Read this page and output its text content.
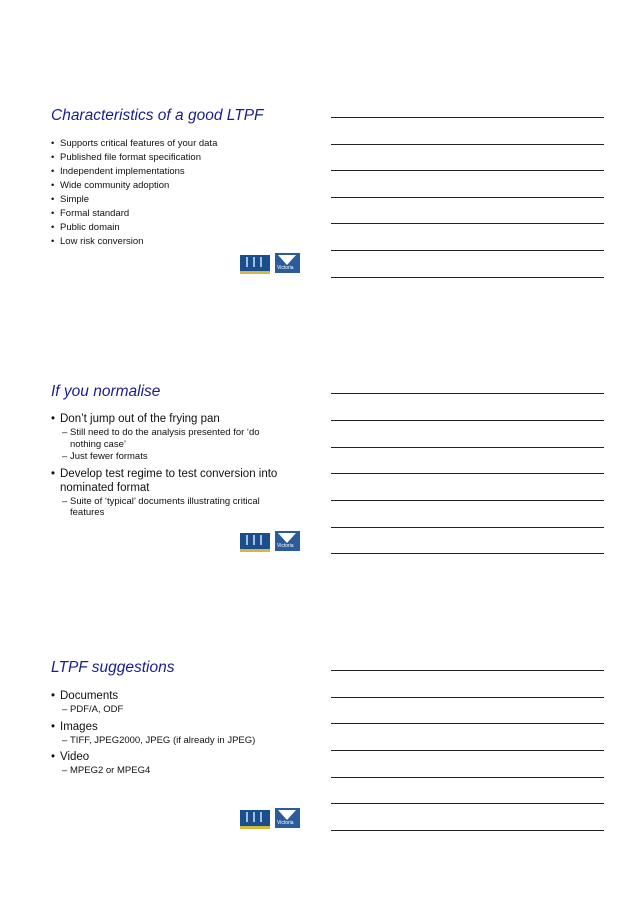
Characteristics of a good LTPF
• Supports critical features of your data
• Published file format specification
• Independent implementations
• Wide community adoption
• Simple
• Formal standard
• Public domain
• Low risk conversion
Victoria
If you normalise
• Don’t jump out of the frying pan
– Still need to do the analysis presented for ‘do nothing case’
– Just fewer formats
• Develop test regime to test conversion into nominated format
– Suite of ‘typical’ documents illustrating critical features
Victoria
LTPF suggestions
• Documents
– PDF/A, ODF
• Images
– TIFF, JPEG2000, JPEG (if already in JPEG)
• Video
– MPEG2 or MPEG4
Victoria
